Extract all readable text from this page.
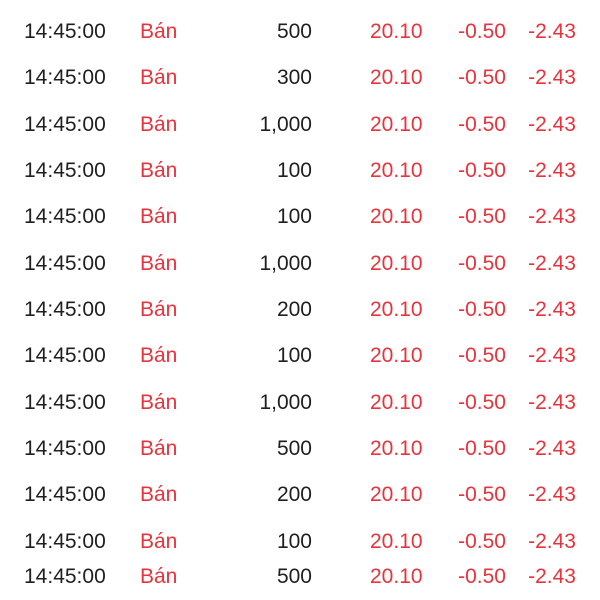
14:45:00 Bán	500	20.10 -0.50 -2.43
14:45:00 Bán	300	20.10 -0.50 -2.43
14:45:00 Bán	1,000	20.10 -0.50 -2.43
14:45:00 Bán	100	20.10 -0.50 -2.43
14:45:00 Bán	100	20.10 -0.50 -2.43
14:45:00 Bán	1,000	20.10 -0.50 -2.43
14:45:00 Bán	200	20.10 -0.50 -2.43
14:45:00 Bán	100	20.10 -0.50 -2.43
14:45:00 Bán	1,000	20.10 -0.50 -2.43
14:45:00 Bán	500	20.10 -0.50 -2.43
14:45:00 Bán	200	20.10 -0.50 -2.43
14:45:00 Bán	100	20.10 -0.50 -2.43
14:45:00 Bán	500	20.10 -0.50 -2.43
